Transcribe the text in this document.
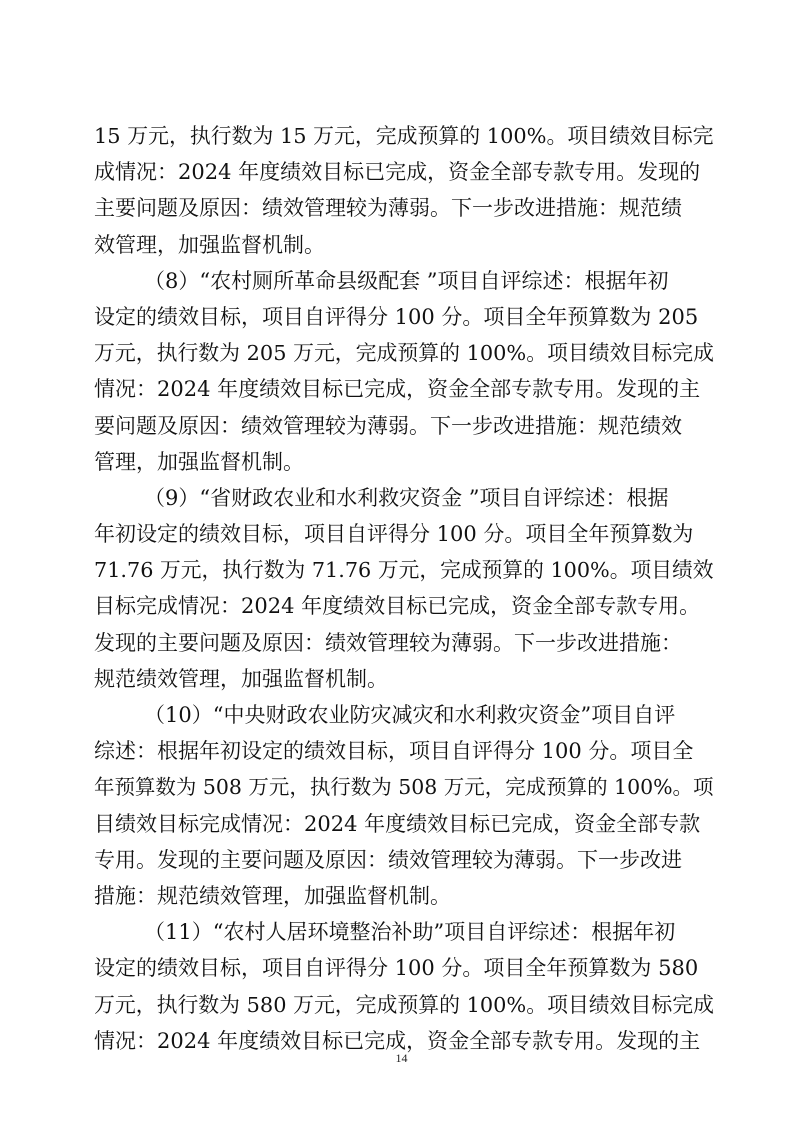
15 万元，执行数为 15 万元，完成预算的 100%。项目绩效目标完
成情况：2024 年度绩效目标已完成，资金全部专款专用。发现的
主要问题及原因：绩效管理较为薄弱。下一步改进措施：规范绩
效管理，加强监督机制。
（8）“农村厕所革命县级配套 ”项目自评综述：根据年初
设定的绩效目标，项目自评得分 100 分。项目全年预算数为 205
万元，执行数为 205 万元，完成预算的 100%。项目绩效目标完成
情况：2024 年度绩效目标已完成，资金全部专款专用。发现的主
要问题及原因：绩效管理较为薄弱。下一步改进措施：规范绩效
管理，加强监督机制。
（9）“省财政农业和水利救灾资金 ”项目自评综述：根据
年初设定的绩效目标，项目自评得分 100 分。项目全年预算数为
71.76 万元，执行数为 71.76 万元，完成预算的 100%。项目绩效
目标完成情况：2024 年度绩效目标已完成，资金全部专款专用。
发现的主要问题及原因：绩效管理较为薄弱。下一步改进措施：
规范绩效管理，加强监督机制。
（10）“中央财政农业防灾减灾和水利救灾资金”项目自评
综述：根据年初设定的绩效目标，项目自评得分 100 分。项目全
年预算数为 508 万元，执行数为 508 万元，完成预算的 100%。项
目绩效目标完成情况：2024 年度绩效目标已完成，资金全部专款
专用。发现的主要问题及原因：绩效管理较为薄弱。下一步改进
措施：规范绩效管理，加强监督机制。
（11）“农村人居环境整治补助”项目自评综述：根据年初
设定的绩效目标，项目自评得分 100 分。项目全年预算数为 580
万元，执行数为 580 万元，完成预算的 100%。项目绩效目标完成
情况：2024 年度绩效目标已完成，资金全部专款专用。发现的主
14
